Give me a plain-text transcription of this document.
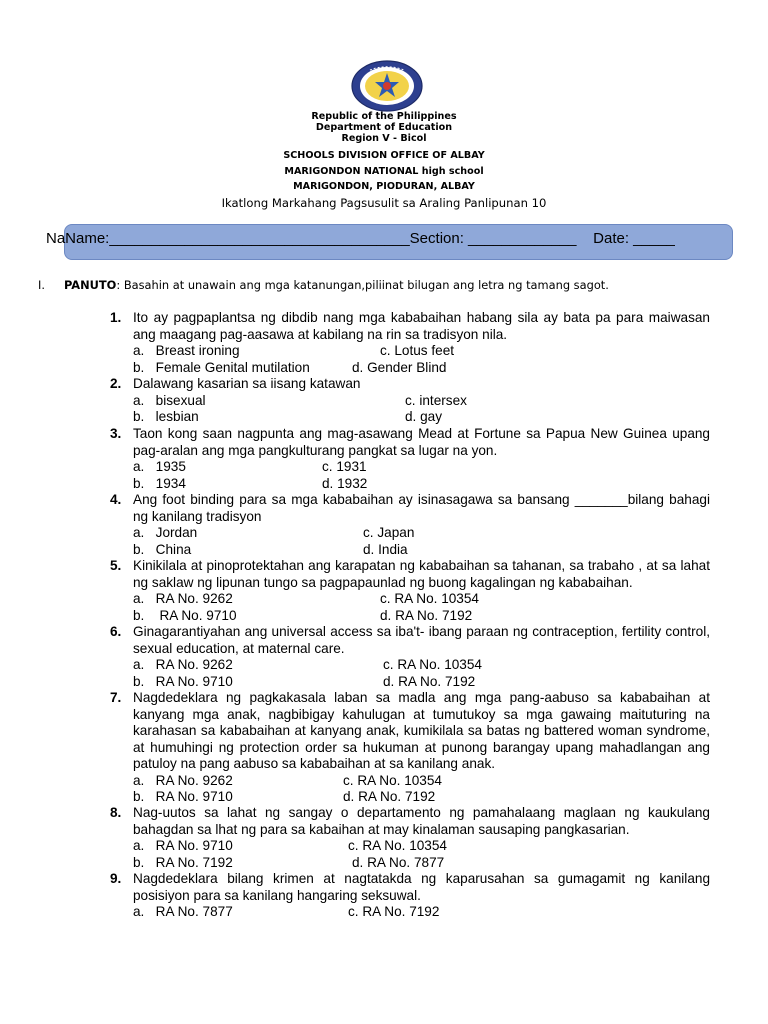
Republic of the Philippines
Department of Education
Region V - Bicol
SCHOOLS DIVISION OFFICE OF ALBAY
MARIGONDON NATIONAL high school
MARIGONDON, PIODURAN, ALBAY
Ikatlong Markahang Pagsusulit sa Araling Panlipunan 10
NaName:____________________________________Section: _____________    Date: _____
I. PANUTO: Basahin at unawain ang mga katanungan,piliinat bilugan ang letra ng tamang sagot.
1. Ito ay pagpaplantsa ng dibdib nang mga kababaihan habang sila ay bata pa para maiwasan ang maagang pag-aasawa at kabilang na rin sa tradisyon nila.
a.   Breast ironing	c. Lotus feet
b.   Female Genital mutilation	d. Gender Blind
2. Dalawang kasarian sa iisang katawan
a.   bisexual	c. intersex
b.   lesbian	d. gay
3. Taon kong saan nagpunta ang mag-asawang Mead at Fortune sa Papua New Guinea upang pag-aralan ang mga pangkulturang pangkat sa lugar na yon.
a.   1935	c. 1931
b.   1934	d. 1932
4. Ang foot binding para sa mga kababaihan ay isinasagawa sa bansang _______bilang bahagi ng kanilang tradisyon
a.   Jordan	c. Japan
b.   China	d. India
5. Kinikilala at pinoprotektahan ang karapatan ng kababaihan sa tahanan, sa trabaho , at sa lahat ng saklaw ng lipunan tungo sa pagpapaunlad ng buong kagalingan ng kababaihan.
a.   RA No. 9262	c. RA No. 10354
b.    RA No. 9710	d. RA No. 7192
6. Ginagarantiyahan ang universal access sa iba't- ibang paraan ng contraception, fertility control, sexual education, at maternal care.
a.   RA No. 9262	c. RA No. 10354
b.   RA No. 9710	d. RA No. 7192
7. Nagdedeklara ng pagkakasala laban sa madla ang mga pang-aabuso sa kababaihan at kanyang mga anak, nagbibigay kahulugan at tumutukoy sa mga gawaing maituturing na karahasan sa kababaihan at kanyang anak, kumikilala sa batas ng battered woman syndrome, at humuhingi ng protection order sa hukuman at punong barangay upang mahadlangan ang patuloy na pang aabuso sa kababaihan at sa kanilang anak.
a.   RA No. 9262	c. RA No. 10354
b.   RA No. 9710	d. RA No. 7192
8. Nag-uutos sa lahat ng sangay o departamento ng pamahalaang maglaan ng kaukulang bahagdan sa lhat ng para sa kabaihan at may kinalaman sausaping pangkasarian.
a.   RA No. 9710	c. RA No. 10354
b.   RA No. 7192	d. RA No. 7877
9. Nagdedeklara bilang krimen at nagtatakda ng kaparusahan sa gumagamit ng kanilang posisiyon para sa kanilang hangaring seksuwal.
a.   RA No. 7877	c. RA No. 7192
